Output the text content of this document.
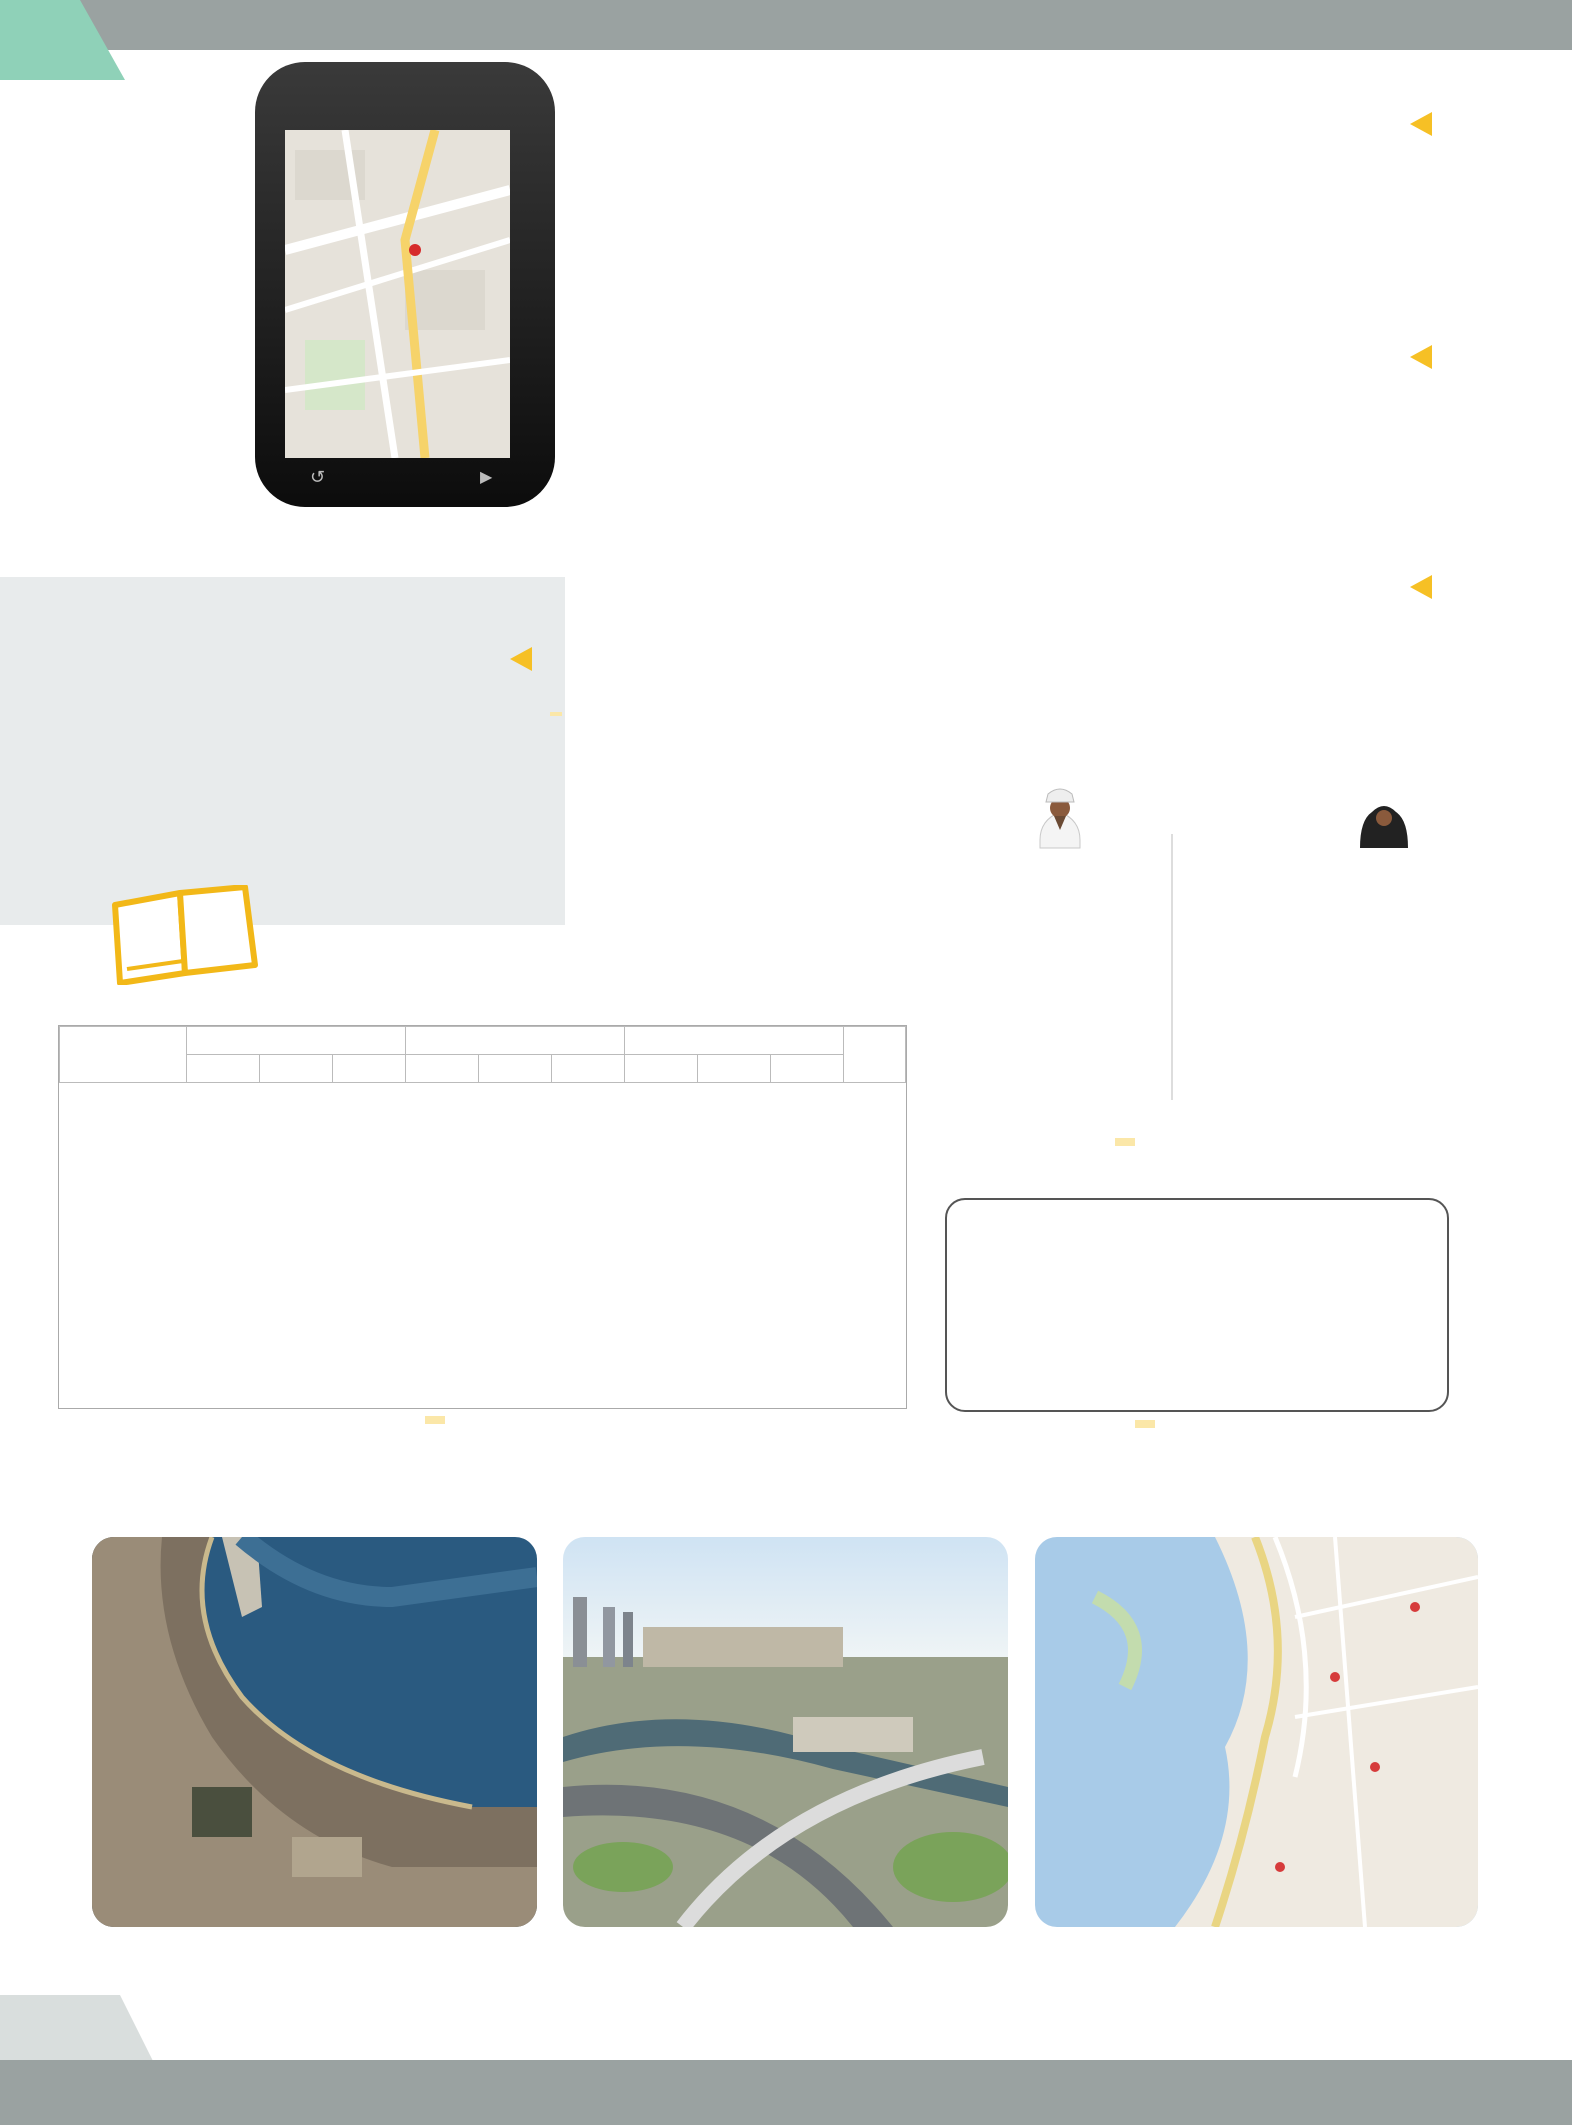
↺	▶
